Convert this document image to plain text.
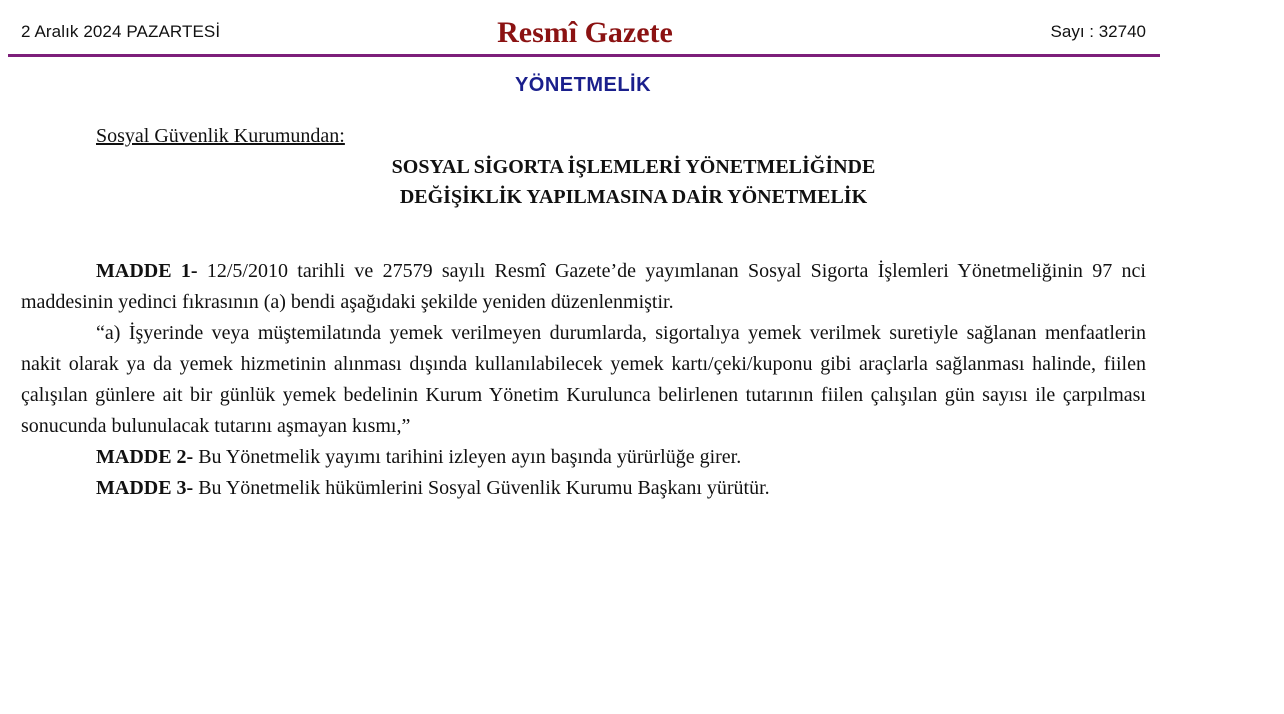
2 Aralık 2024 PAZARTESİ	Resmî Gazete	Sayı : 32740
YÖNETMELİK
Sosyal Güvenlik Kurumundan:
SOSYAL SİGORTA İŞLEMLERİ YÖNETMELİĞİNDE
DEĞİŞİKLİK YAPILMASINA DAİR YÖNETMELİK

MADDE 1- 12/5/2010 tarihli ve 27579 sayılı Resmî Gazete’de yayımlanan Sosyal Sigorta İşlemleri Yönetmeliğinin 97 nci maddesinin yedinci fıkrasının (a) bendi aşağıdaki şekilde yeniden düzenlenmiştir.

“a) İşyerinde veya müştemilatında yemek verilmeyen durumlarda, sigortalıya yemek verilmek suretiyle sağlanan menfaatlerin nakit olarak ya da yemek hizmetinin alınması dışında kullanılabilecek yemek kartı/çeki/kuponu gibi araçlarla sağlanması halinde, fiilen çalışılan günlere ait bir günlük yemek bedelinin Kurum Yönetim Kurulunca belirlenen tutarının fiilen çalışılan gün sayısı ile çarpılması sonucunda bulunulacak tutarını aşmayan kısmı,”

MADDE 2- Bu Yönetmelik yayımı tarihini izleyen ayın başında yürürlüğe girer.

MADDE 3- Bu Yönetmelik hükümlerini Sosyal Güvenlik Kurumu Başkanı yürütür.
